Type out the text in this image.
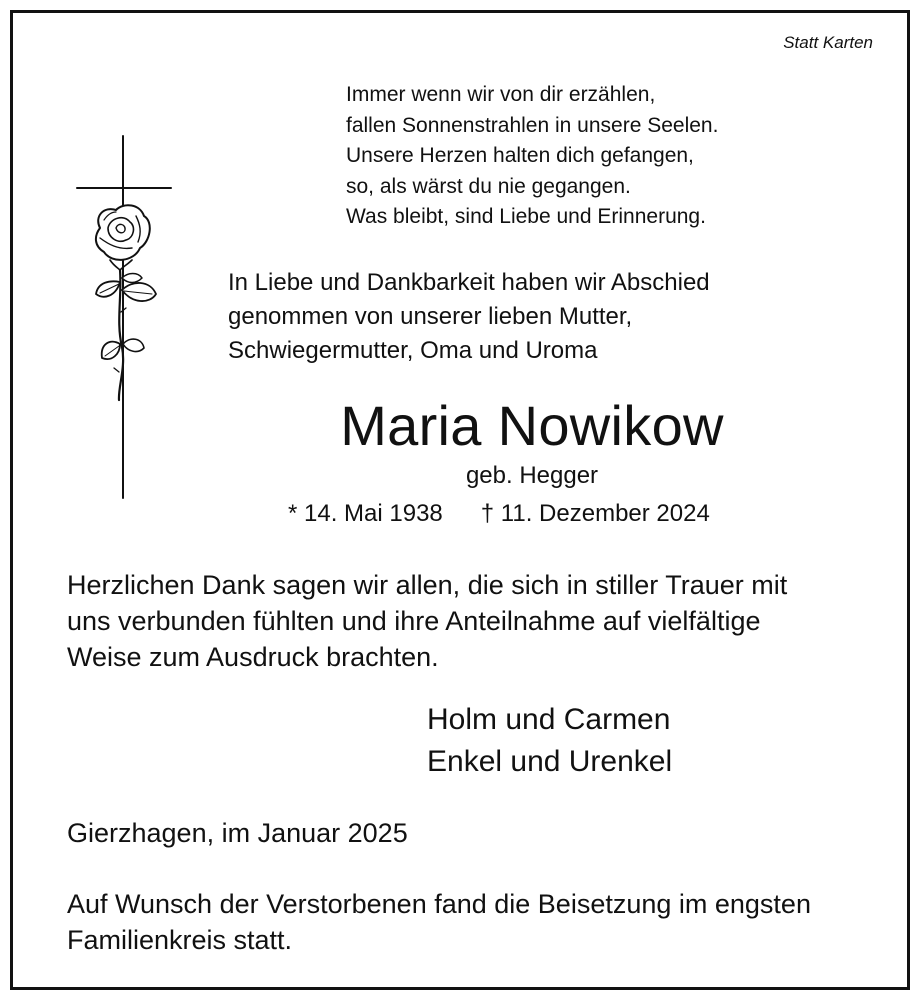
Statt Karten
Immer wenn wir von dir erzählen,
fallen Sonnenstrahlen in unsere Seelen.
Unsere Herzen halten dich gefangen,
so, als wärst du nie gegangen.
Was bleibt, sind Liebe und Erinnerung.
In Liebe und Dankbarkeit haben wir Abschied
genommen von unserer lieben Mutter,
Schwiegermutter, Oma und Uroma
Maria Nowikow
geb. Hegger
* 14. Mai 1938 † 11. Dezember 2024
Herzlichen Dank sagen wir allen, die sich in stiller Trauer mit
uns verbunden fühlten und ihre Anteilnahme auf vielfältige
Weise zum Ausdruck brachten.
Holm und Carmen
Enkel und Urenkel
Gierzhagen, im Januar 2025
Auf Wunsch der Verstorbenen fand die Beisetzung im engsten
Familienkreis statt.
